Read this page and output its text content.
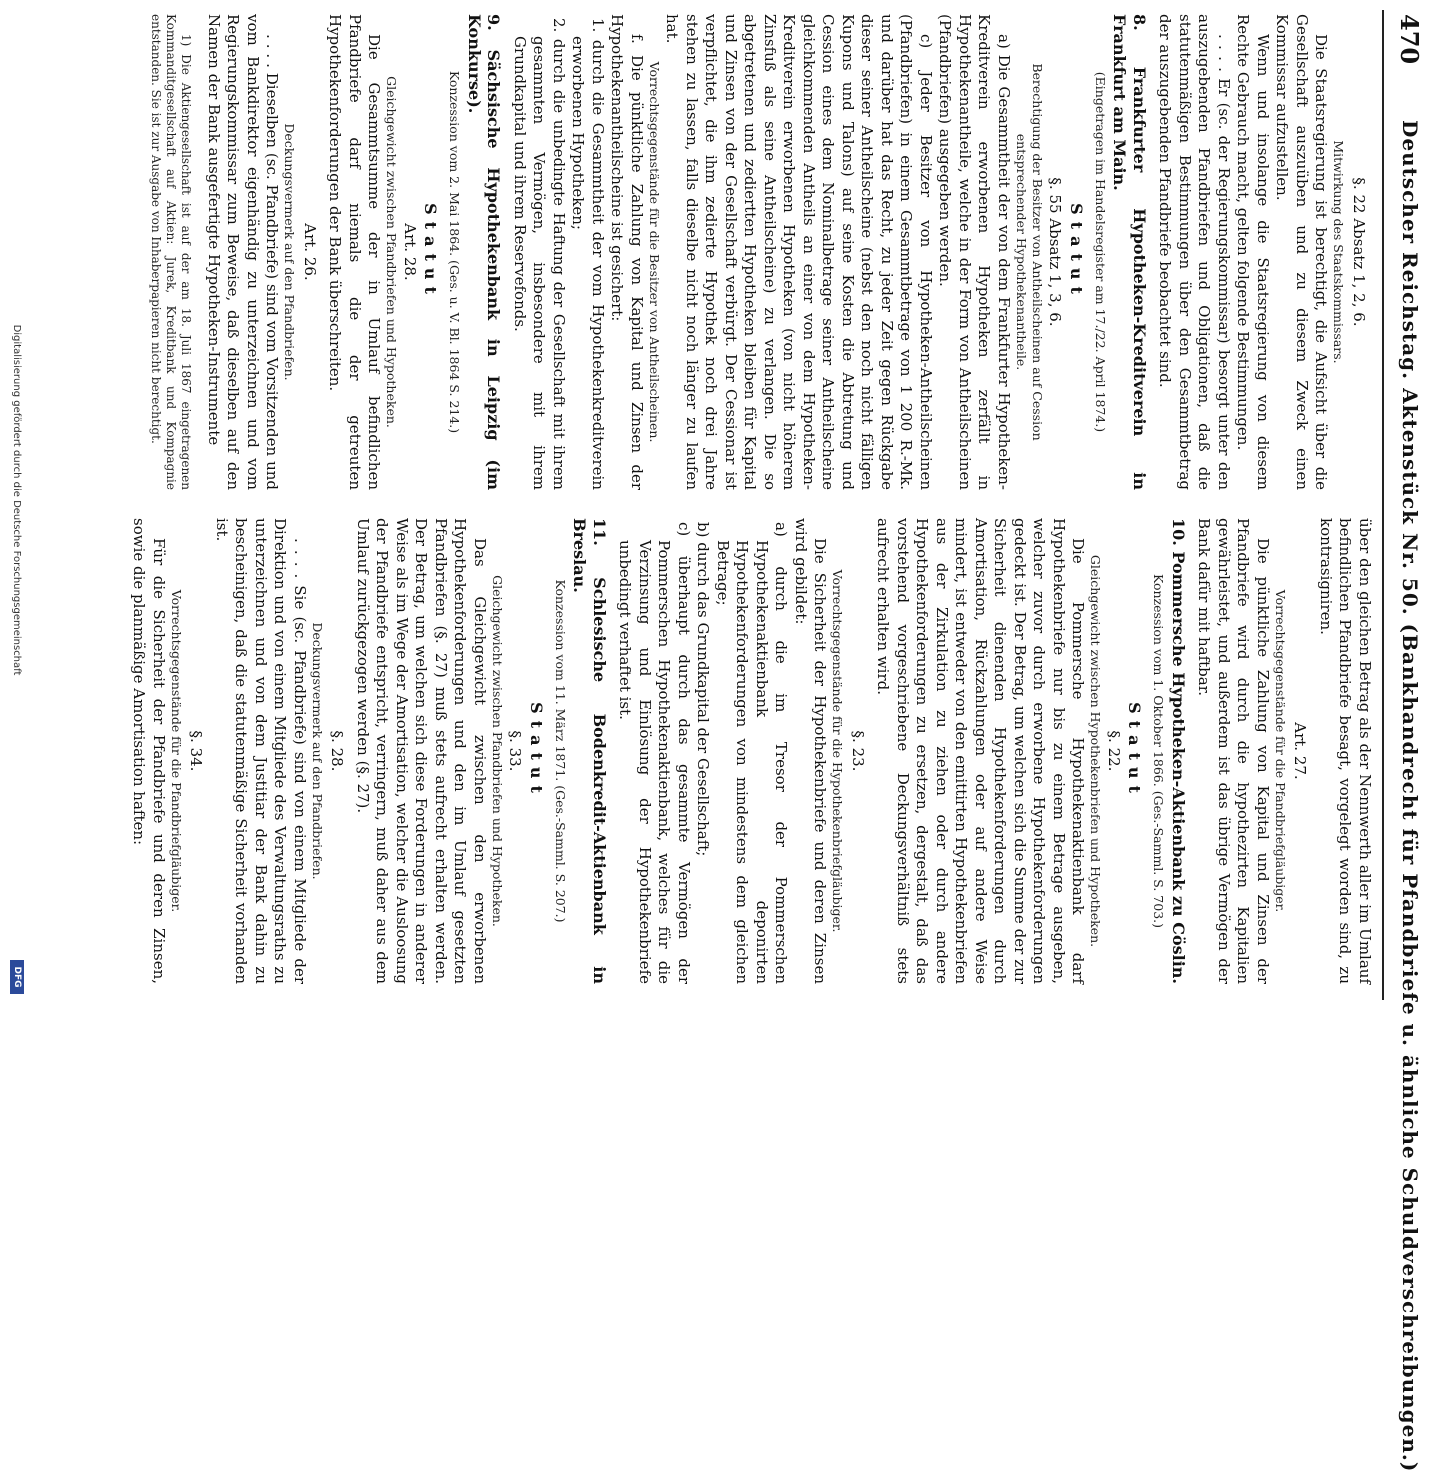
470
Deutscher Reichstag. Aktenstück Nr. 50. (Bankhandrecht für Pfandbriefe u. ähnliche Schuldverschreibungen.)

§. 22 Absatz 1, 2, 6.

Mitwirkung des Staatskommissars.

Die Staatsregierung ist berechtigt, die Aufsicht über die Gesellschaft auszuüben und zu diesem Zweck einen Kommissar aufzustellen.

Wenn und insolange die Staatsregierung von diesem Rechte Gebrauch macht, gelten folgende Bestimmungen.

. . . . Er (sc. der Regierungskommissar) besorgt unter den auszugebenden Pfandbriefen und Obligationen, daß die statutenmäßigen Bestimmungen über den Gesammtbetrag der auszugebenden Pfandbriefe beobachtet sind.

8. Frankfurter Hypotheken-Kreditverein in Frankfurt am Main.

(Eingetragen im Handelsregister am 17./22. April 1874.)

Statut

§. 55 Absatz 1, 3, 6.

Berechtigung der Besitzer von Antheilscheinen auf Cession entsprechender Hypothekenantheile.

a) Die Gesammtheit der von dem Frankfurter Hypotheken-Kreditverein erworbenen Hypotheken zerfällt in Hypothekenantheile, welche in der Form von Antheilscheinen (Pfandbriefen) ausgegeben werden.

c) Jeder Besitzer von Hypotheken-Antheilscheinen (Pfandbriefen) in einem Gesammtbetrage von 1 200 R.-Mk. und darüber hat das Recht, zu jeder Zeit gegen Rückgabe dieser seiner Antheilscheine (nebst den noch nicht fälligen Kupons und Talons) auf seine Kosten die Abtretung und Cession eines dem Nominalbetrage seiner Antheilscheine gleichkommenden Antheils an einer von dem Hypotheken-Kreditverein erworbenen Hypotheken (von nicht höherem Zinsfuß als seine Antheilscheine) zu verlangen. Die so abgetretenen und zediertten Hypotheken bleiben für Kapital und Zinsen von der Gesellschaft verbürgt. Der Cessionar ist verpflichtet, die ihm zedierte Hypothek noch drei Jahre stehen zu lassen, falls dieselbe nicht noch länger zu laufen hat.

Vorrechtsgegenstände für die Besitzer von Antheilscheinen.

f. Die pünktliche Zahlung von Kapital und Zinsen der Hypothekenantheilscheine ist gesichert:

1. durch die Gesammtheit der vom Hypothekenkreditverein erworbenen Hypotheken;

2. durch die unbedingte Haftung der Gesellschaft mit ihrem gesammten Vermögen, insbesondere mit ihrem Grundkapital und ihrem Reservefonds.

9. Sächsische Hypothekenbank in Leipzig (im Konkurse).

Konzession vom 2. Mai 1864. (Ges. u. V. Bl. 1864 S. 214.)

Statut

Art. 28.

Gleichgewicht zwischen Pfandbriefen und Hypotheken.

Die Gesammtsumme der in Umlauf befindlichen Pfandbriefe darf niemals die der getreuten Hypothekenforderungen der Bank überschreiten.

Art. 26.

Deckungsvermerk auf den Pfandbriefen.

. . . . Dieselben (sc. Pfandbriefe) sind vom Vorsitzenden und vom Bankdirektor eigenhändig zu unterzeichnen und vom Regierungskommissar zum Beweise, daß dieselben auf den Namen der Bank ausgefertigte Hypotheken-Instrumente

1) Die Aktiengesellschaft ist auf der am 18. Juli 1867 eingetragenen Kommanditgesellschaft auf Aktien: Jurek, Kreditbank und Kompagnie entstanden. Sie ist zur Ausgabe von Inhaberpapieren nicht berechtigt.

über den gleichen Betrag als der Nennwerth aller im Umlauf befindlichen Pfandbriefe besagt, vorgelegt worden sind, zu kontrasigniren.

Art. 27.

Vorrechtsgegenstände für die Pfandbriefgläubiger.

Die pünktliche Zahlung von Kapital und Zinsen der Pfandbriefe wird durch die hypothezirten Kapitalien gewährleistet, und außerdem ist das übrige Vermögen der Bank dafür mit haftbar.

10. Pommersche Hypotheken-Aktienbank zu Cöslin.

Konzession vom 1. Oktober 1866. (Ges.-Samml. S. 703.)

Statut

§. 22.

Gleichgewicht zwischen Hypothekenbriefen und Hypotheken.

Die Pommersche Hypothekenaktienbank darf Hypothekenbriefe nur bis zu einem Betrage ausgeben, welcher zuvor durch erworbene Hypothekenforderungen gedeckt ist. Der Betrag, um welchen sich die Summe der zur Sicherheit dienenden Hypothekenforderungen durch Amortisation, Rückzahlungen oder auf andere Weise mindert, ist entweder von den emittirten Hypothekenbriefen aus der Zirkulation zu ziehen oder durch andere Hypothekenforderungen zu ersetzen, dergestalt, daß das vorstehend vorgeschriebene Deckungsverhältniß stets aufrecht erhalten wird.

§. 23.

Vorrechtsgegenstände für die Hypothekenbriefgläubiger.

Die Sicherheit der Hypothekenbriefe und deren Zinsen wird gebildet:

a) durch die im Tresor der Pommerschen Hypothekenaktienbank deponirten Hypothekenforderungen von mindestens dem gleichen Betrage;

b) durch das Grundkapital der Gesellschaft;

c) überhaupt durch das gesammte Vermögen der Pommerschen Hypothekenaktienbank, welches für die Verzinsung und Einlösung der Hypothekenbriefe unbedingt verhaftet ist.

11. Schlesische Bodenkredit-Aktienbank in Breslau.

Konzession vom 11. März 1871. (Ges.-Samml. S. 207.)

Statut

§. 33.

Gleichgewicht zwischen Pfandbriefen und Hypotheken.

Das Gleichgewicht zwischen den erworbenen Hypothekenforderungen und den im Umlauf gesetzten Pfandbriefen (§. 27) muß stets aufrecht erhalten werden. Der Betrag, um welchen sich diese Forderungen in anderer Weise als im Wege der Amortisation, welcher die Ausloosung der Pfandbriefe entspricht, verringern, muß daher aus dem Umlauf zurückgezogen werden (§. 27).

§. 28.

Deckungsvermerk auf den Pfandbriefen.

. . . . Sie (sc. Pfandbriefe) sind von einem Mitgliede der Direktion und von einem Mitgliede des Verwaltungsraths zu unterzeichnen und von dem Justitiar der Bank dahin zu bescheinigen, daß die statutenmäßige Sicherheit vorhanden ist.

§. 34.

Vorrechtsgegenstände für die Pfandbriefgläubiger.

Für die Sicherheit der Pfandbriefe und deren Zinsen, sowie die planmäßige Amortisation haften:

Digitalisierung gefördert durch die Deutsche Forschungsgemeinschaft
DFG
